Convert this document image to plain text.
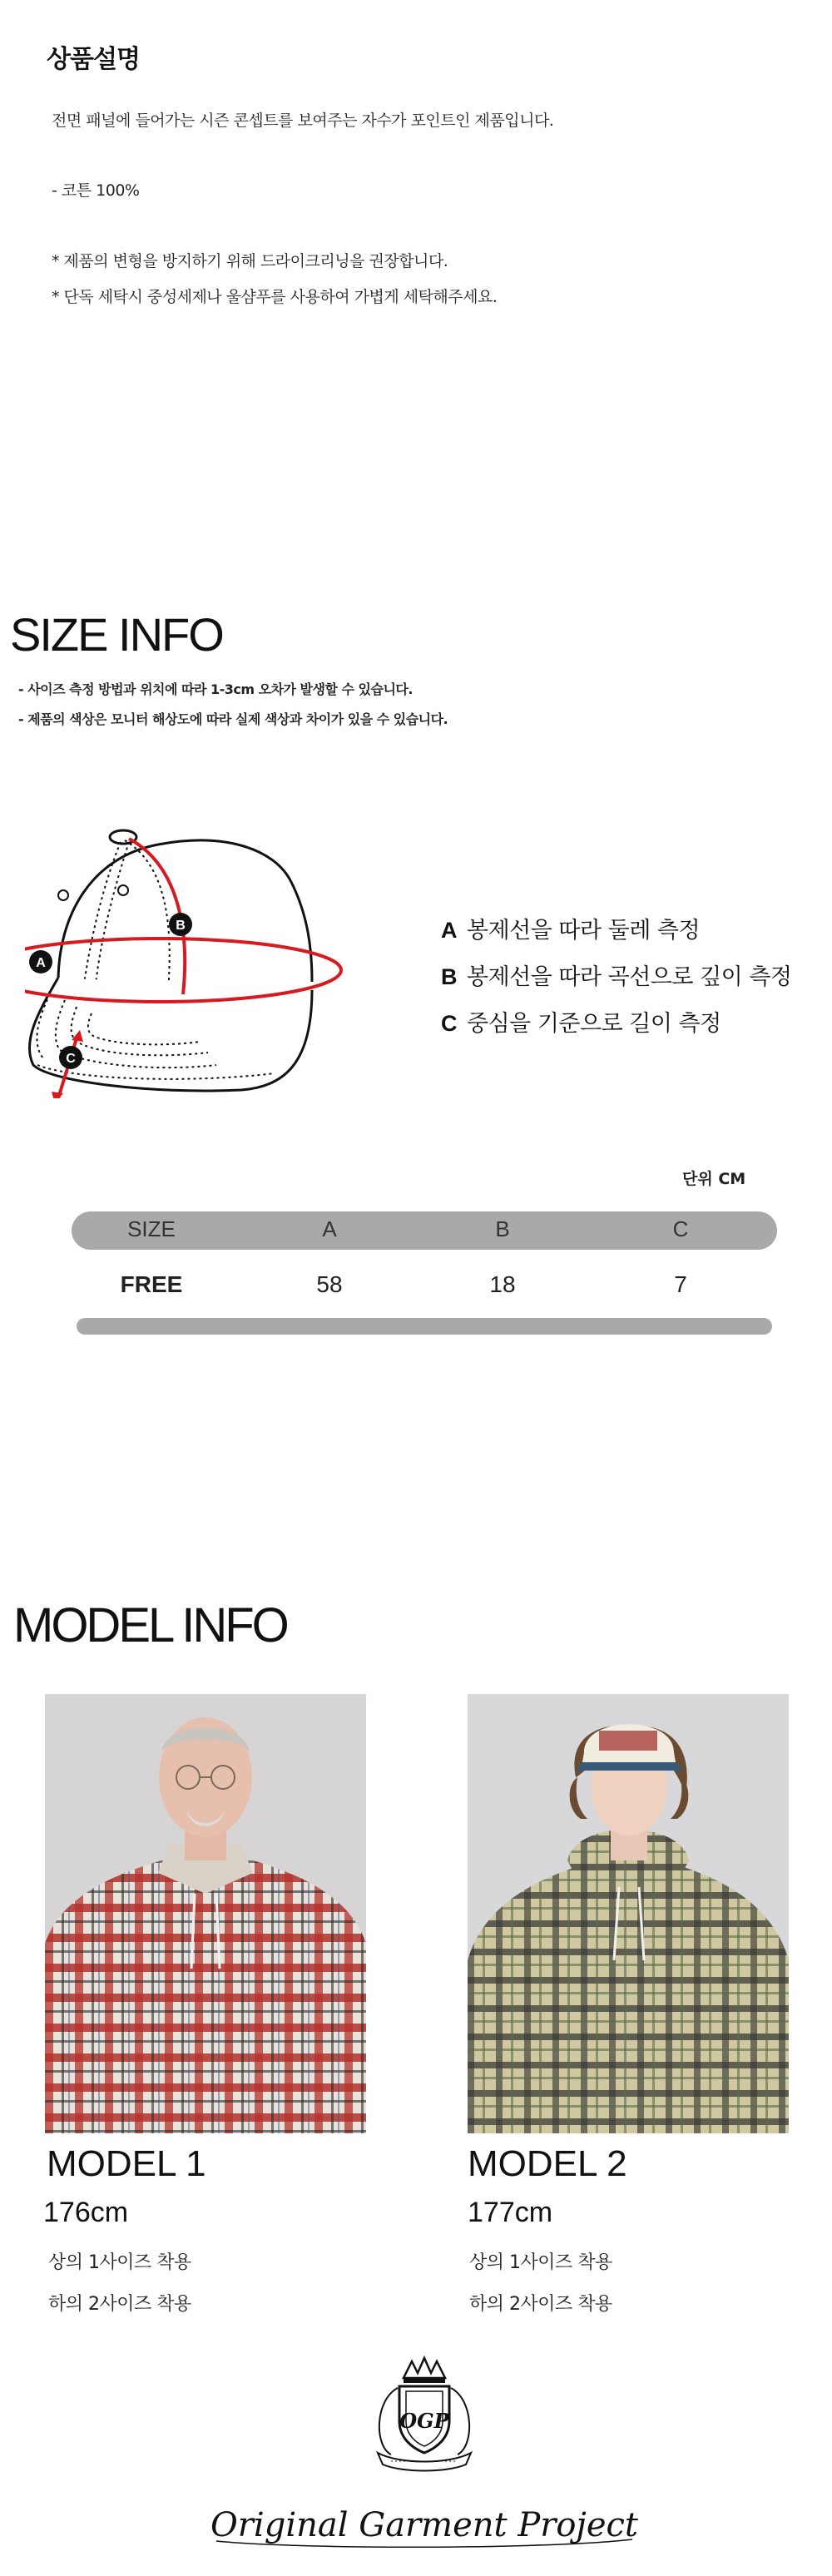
상품설명
전면 패널에 들어가는 시즌 콘셉트를 보여주는 자수가 포인트인 제품입니다.
- 코튼 100%
* 제품의 변형을 방지하기 위해 드라이크리닝을 권장합니다.
* 단독 세탁시 중성세제나 울샴푸를 사용하여 가볍게 세탁해주세요.
SIZE INFO
- 사이즈 측정 방법과 위치에 따라 1-3cm 오차가 발생할 수 있습니다.
- 제품의 색상은 모니터 해상도에 따라 실제 색상과 차이가 있을 수 있습니다.
A
B
C
A 봉제선을 따라 둘레 측정
B 봉제선을 따라 곡선으로 깊이 측정
C 중심을 기준으로 길이 측정
단위 CM
SIZE	A	B	C
FREE	58	18	7
MODEL INFO
MODEL 1
176cm
상의 1사이즈 착용
하의 2사이즈 착용
MODEL 2
177cm
상의 1사이즈 착용
하의 2사이즈 착용
OGP
Original Garment Project
